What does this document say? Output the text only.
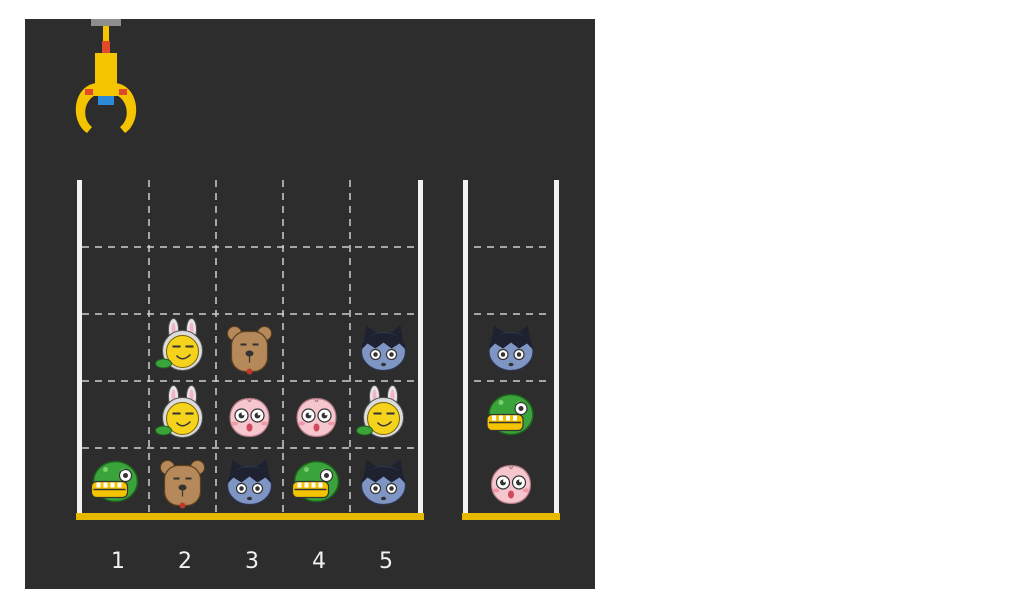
1	2	3	4	5
